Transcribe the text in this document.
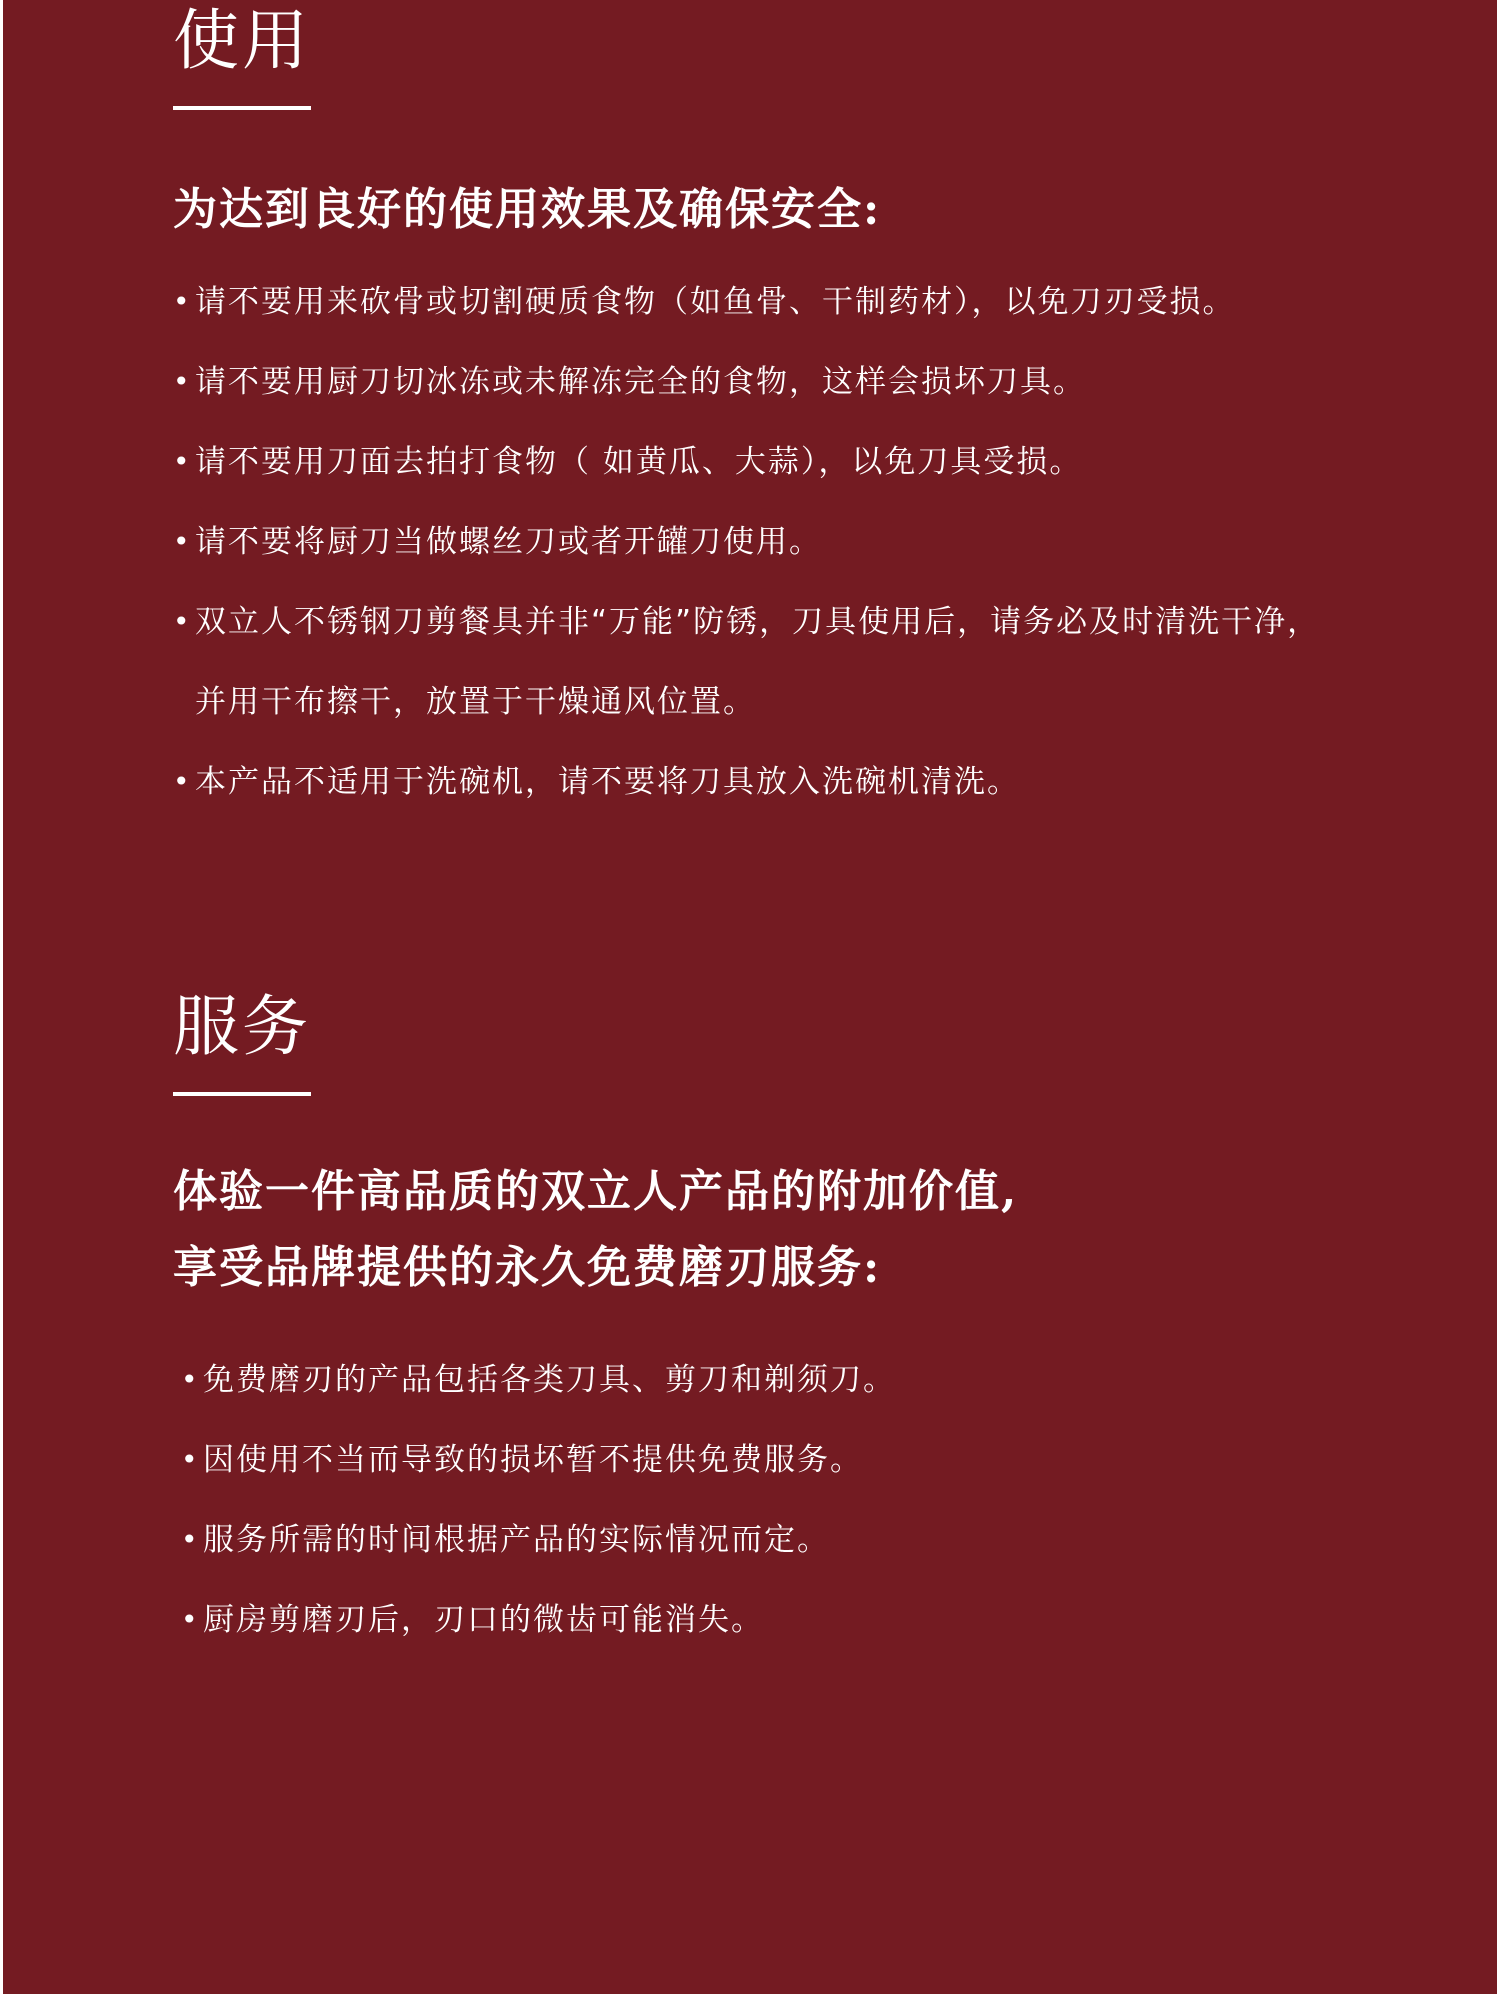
使用

为达到良好的使用效果及确保安全:

• 请不要用来砍骨或切割硬质食物（如鱼骨、干制药材），以免刀刃受损。
• 请不要用厨刀切冰冻或未解冻完全的食物，这样会损坏刀具。
• 请不要用刀面去拍打食物（ 如黄瓜、大蒜），以免刀具受损。
• 请不要将厨刀当做螺丝刀或者开罐刀使用。
• 双立人不锈钢刀剪餐具并非“万能”防锈，刀具使用后，请务必及时清洗干净，并用干布擦干，放置于干燥通风位置。
• 本产品不适用于洗碗机，请不要将刀具放入洗碗机清洗。
服务

体验一件高品质的双立人产品的附加价值,

享受品牌提供的永久免费磨刃服务:

• 免费磨刃的产品包括各类刀具、剪刀和剃须刀。
• 因使用不当而导致的损坏暂不提供免费服务。
• 服务所需的时间根据产品的实际情况而定。
• 厨房剪磨刃后，刃口的微齿可能消失。
